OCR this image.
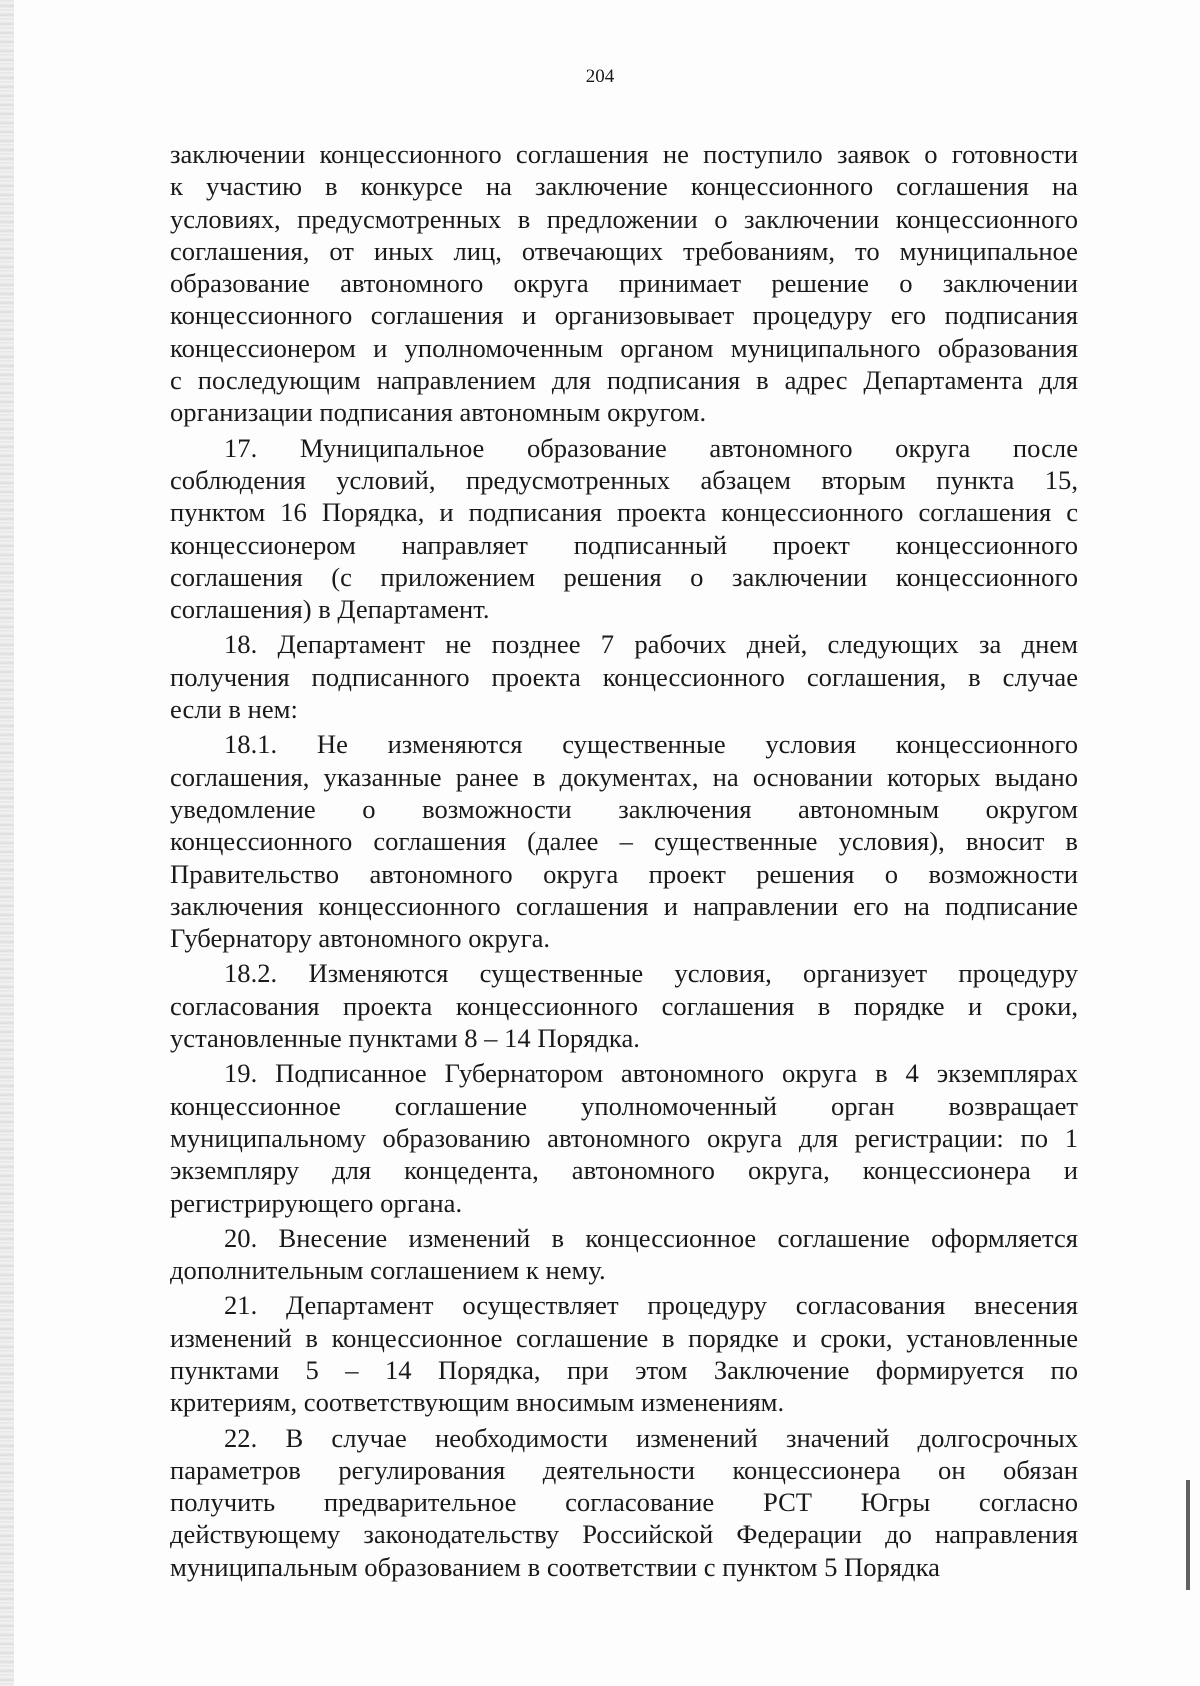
204
заключении концессионного соглашения не поступило заявок о готовности
к участию в конкурсе на заключение концессионного соглашения на
условиях, предусмотренных в предложении о заключении концессионного
соглашения, от иных лиц, отвечающих требованиям, то муниципальное
образование автономного округа принимает решение о заключении
концессионного соглашения и организовывает процедуру его подписания
концессионером и уполномоченным органом муниципального образования
с последующим направлением для подписания в адрес Департамента для
организации подписания автономным округом.
17. Муниципальное образование автономного округа после
соблюдения условий, предусмотренных абзацем вторым пункта 15,
пунктом 16 Порядка, и подписания проекта концессионного соглашения с
концессионером направляет подписанный проект концессионного
соглашения (с приложением решения о заключении концессионного
соглашения) в Департамент.
18. Департамент не позднее 7 рабочих дней, следующих за днем
получения подписанного проекта концессионного соглашения, в случае
если в нем:
18.1. Не изменяются существенные условия концессионного
соглашения, указанные ранее в документах, на основании которых выдано
уведомление о возможности заключения автономным округом
концессионного соглашения (далее – существенные условия), вносит в
Правительство автономного округа проект решения о возможности
заключения концессионного соглашения и направлении его на подписание
Губернатору автономного округа.
18.2. Изменяются существенные условия, организует процедуру
согласования проекта концессионного соглашения в порядке и сроки,
установленные пунктами 8 – 14 Порядка.
19. Подписанное Губернатором автономного округа в 4 экземплярах
концессионное соглашение уполномоченный орган возвращает
муниципальному образованию автономного округа для регистрации: по 1
экземпляру для концедента, автономного округа, концессионера и
регистрирующего органа.
20. Внесение изменений в концессионное соглашение оформляется
дополнительным соглашением к нему.
21. Департамент осуществляет процедуру согласования внесения
изменений в концессионное соглашение в порядке и сроки, установленные
пунктами 5 – 14 Порядка, при этом Заключение формируется по
критериям, соответствующим вносимым изменениям.
22. В случае необходимости изменений значений долгосрочных
параметров регулирования деятельности концессионера он обязан
получить предварительное согласование РСТ Югры согласно
действующему законодательству Российской Федерации до направления
муниципальным образованием в соответствии с пунктом 5 Порядка
